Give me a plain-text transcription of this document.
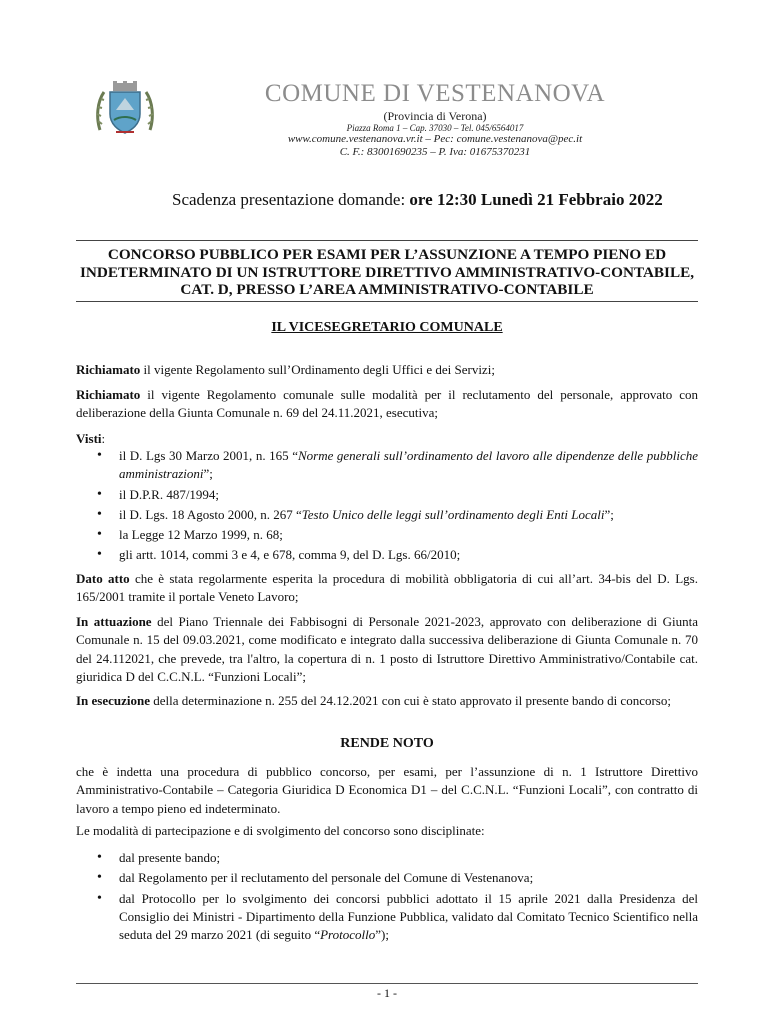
COMUNE DI VESTENANOVA
(Provincia di Verona)
Piazza Roma 1 – Cap. 37030 – Tel. 045/6564017
www.comune.vestenanova.vr.it – Pec: comune.vestenanova@pec.it
C. F.: 83001690235 – P. Iva: 01675370231
Scadenza presentazione domande: ore 12:30 Lunedì 21 Febbraio 2022
CONCORSO PUBBLICO PER ESAMI PER L’ASSUNZIONE A TEMPO PIENO ED INDETERMINATO DI UN ISTRUTTORE DIRETTIVO AMMINISTRATIVO-CONTABILE, CAT. D, PRESSO L’AREA AMMINISTRATIVO-CONTABILE
IL VICESEGRETARIO COMUNALE
Richiamato il vigente Regolamento sull’Ordinamento degli Uffici e dei Servizi;
Richiamato il vigente Regolamento comunale sulle modalità per il reclutamento del personale, approvato con deliberazione della Giunta Comunale n. 69 del 24.11.2021, esecutiva;
Visti:
• il D. Lgs 30 Marzo 2001, n. 165 “Norme generali sull’ordinamento del lavoro alle dipendenze delle pubbliche amministrazioni”;
• il D.P.R. 487/1994;
• il D. Lgs. 18 Agosto 2000, n. 267 “Testo Unico delle leggi sull’ordinamento degli Enti Locali”;
• la Legge 12 Marzo 1999, n. 68;
• gli artt. 1014, commi 3 e 4, e 678, comma 9, del D. Lgs. 66/2010;
Dato atto che è stata regolarmente esperita la procedura di mobilità obbligatoria di cui all’art. 34-bis del D. Lgs. 165/2001 tramite il portale Veneto Lavoro;
In attuazione del Piano Triennale dei Fabbisogni di Personale 2021-2023, approvato con deliberazione di Giunta Comunale n. 15 del 09.03.2021, come modificato e integrato dalla successiva deliberazione di Giunta Comunale n. 70 del 24.112021, che prevede, tra l'altro, la copertura di n. 1 posto di Istruttore Direttivo Amministrativo/Contabile cat. giuridica D del C.C.N.L. “Funzioni Locali”;
In esecuzione della determinazione n. 255 del 24.12.2021 con cui è stato approvato il presente bando di concorso;
RENDE NOTO
che è indetta una procedura di pubblico concorso, per esami, per l’assunzione di n. 1 Istruttore Direttivo Amministrativo-Contabile – Categoria Giuridica D Economica D1 – del C.C.N.L. “Funzioni Locali”, con contratto di lavoro a tempo pieno ed indeterminato.
Le modalità di partecipazione e di svolgimento del concorso sono disciplinate:
• dal presente bando;
• dal Regolamento per il reclutamento del personale del Comune di Vestenanova;
• dal Protocollo per lo svolgimento dei concorsi pubblici adottato il 15 aprile 2021 dalla Presidenza del Consiglio dei Ministri - Dipartimento della Funzione Pubblica, validato dal Comitato Tecnico Scientifico nella seduta del 29 marzo 2021 (di seguito “Protocollo”);
- 1 -
